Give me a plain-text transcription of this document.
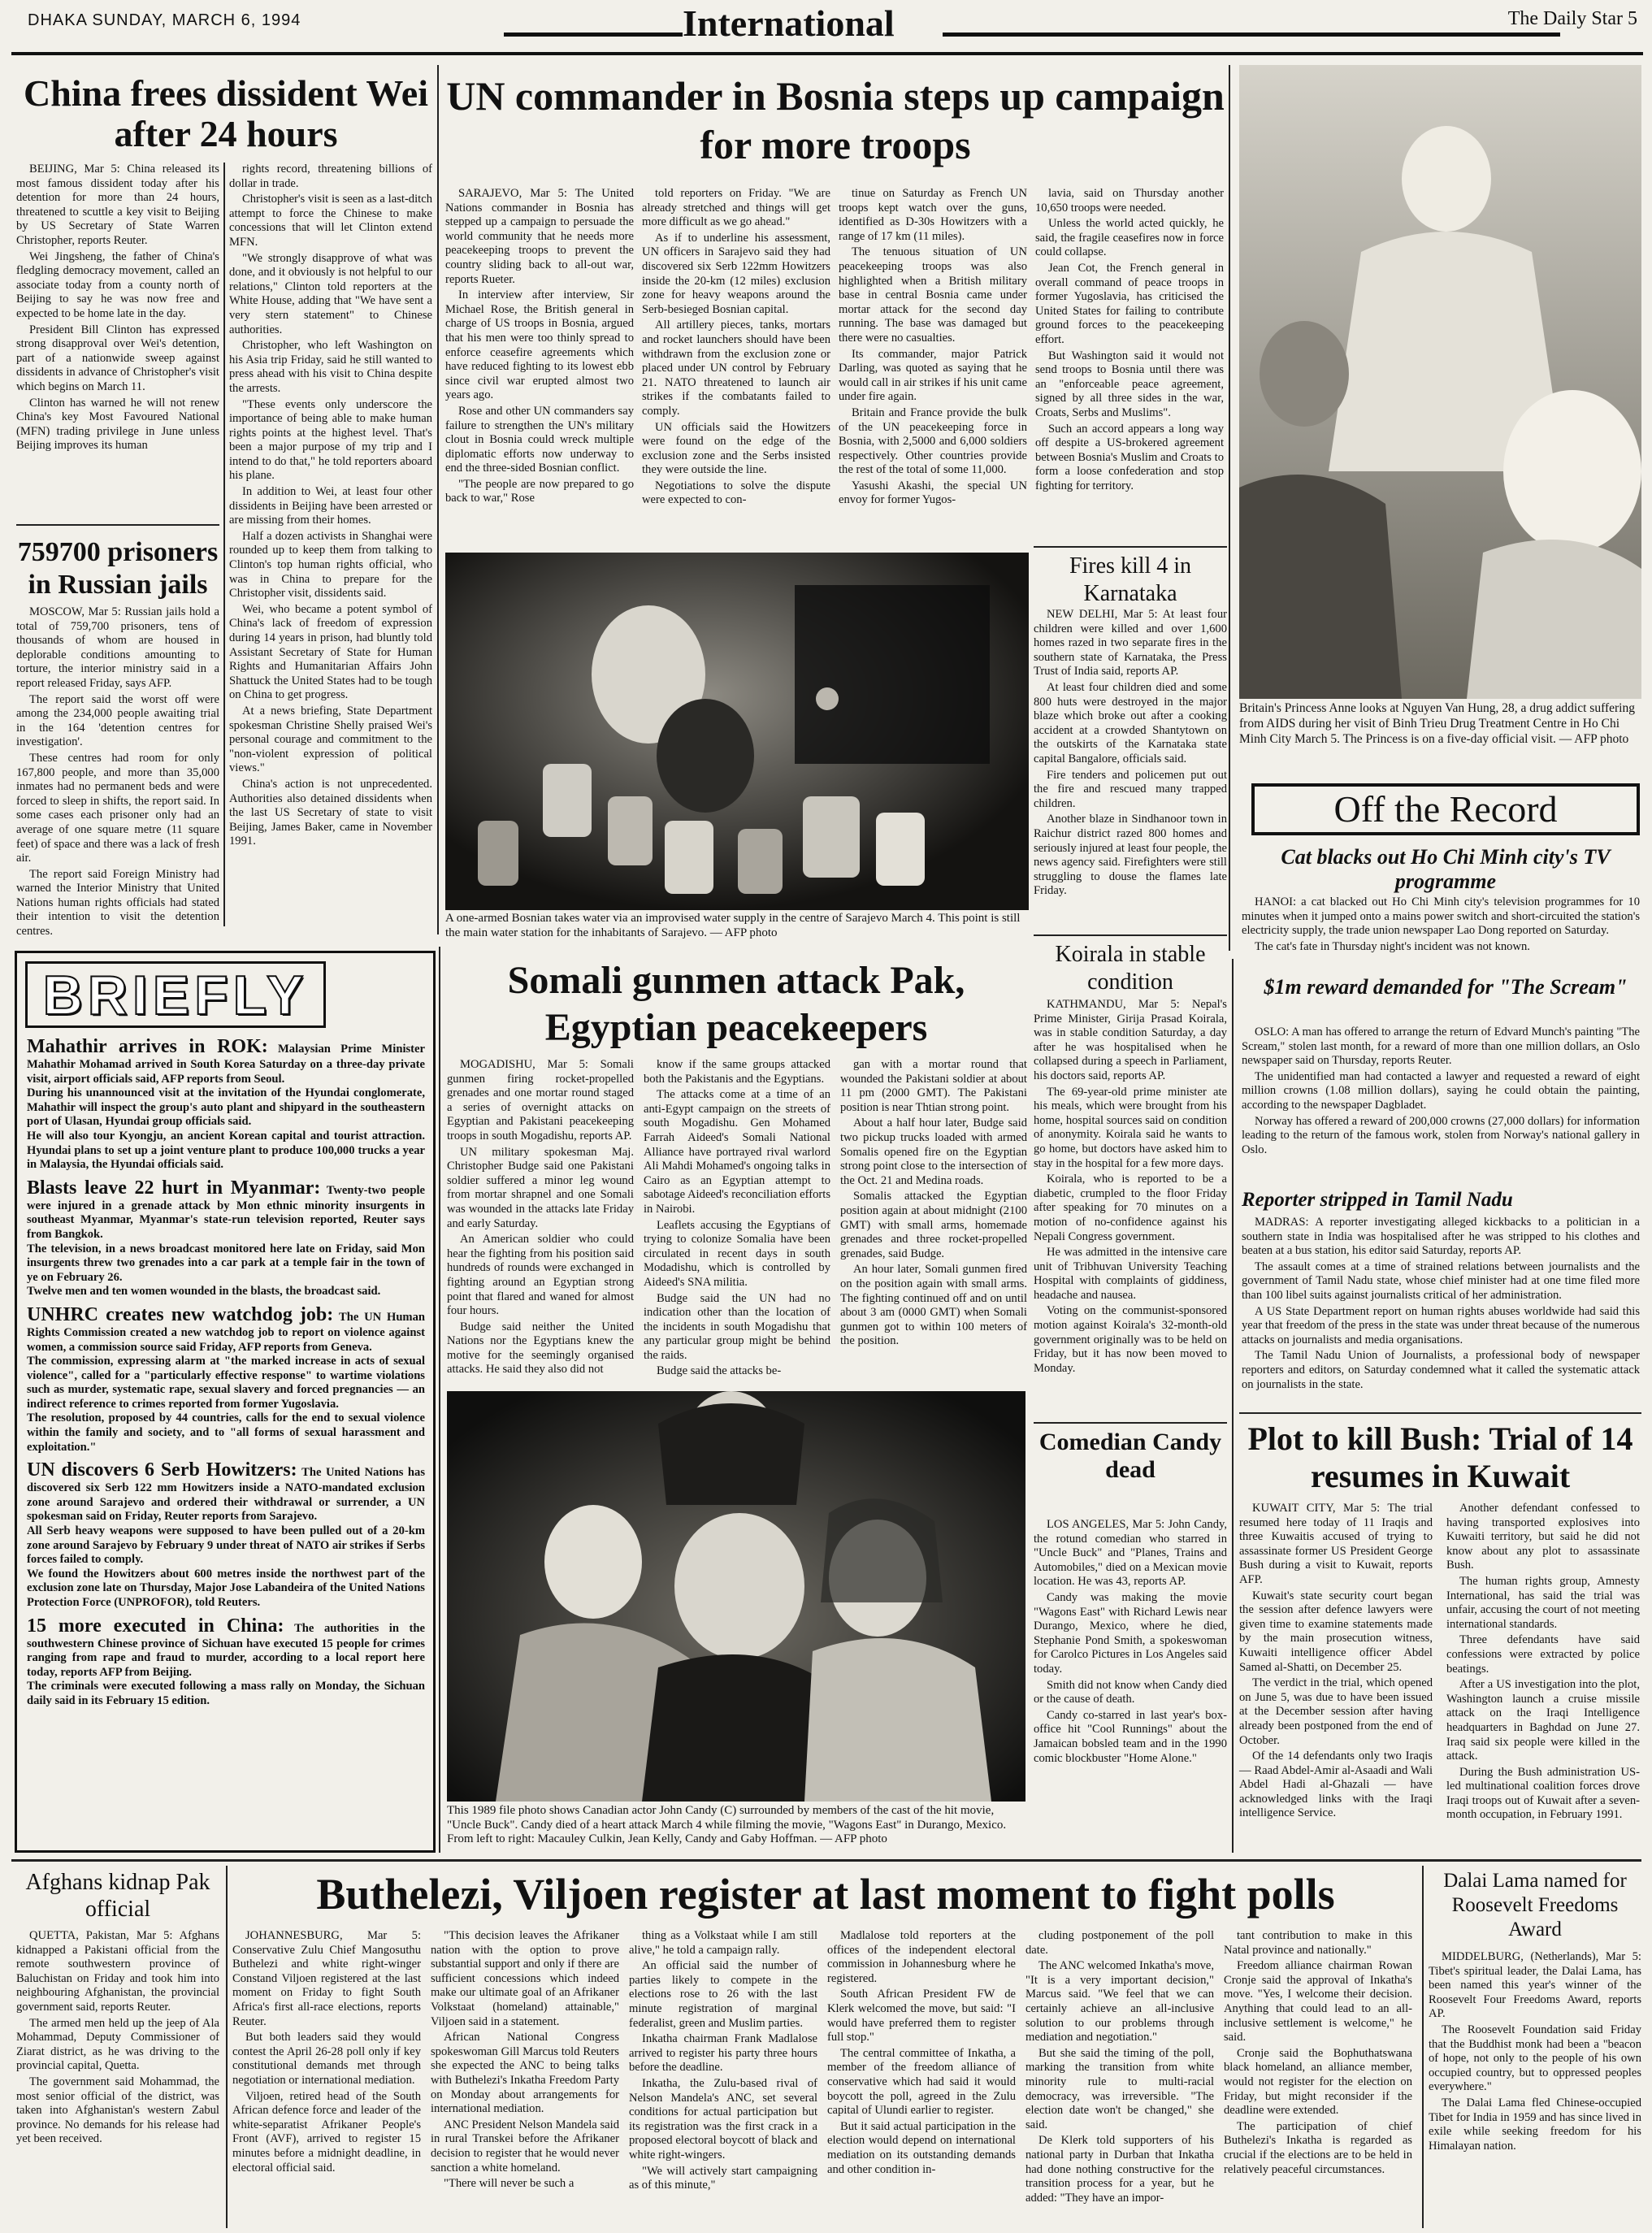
DHAKA SUNDAY, MARCH 6, 1994	International	The Daily Star 5
China frees dissident Wei after 24 hours

BEIJING, Mar 5: China released its most famous dissident today after his detention for more than 24 hours, threatened to scuttle a key visit to Beijing by US Secretary of State Warren Christopher, reports Reuter.

Wei Jingsheng, the father of China's fledgling democracy movement, called an associate today from a county north of Beijing to say he was now free and expected to be home late in the day.

President Bill Clinton has expressed strong disapproval over Wei's detention, part of a nationwide sweep against dissidents in advance of Christopher's visit which begins on March 11.

Clinton has warned he will not renew China's key Most Favoured National (MFN) trading privilege in June unless Beijing improves its human

rights record, threatening billions of dollar in trade.

Christopher's visit is seen as a last-ditch attempt to force the Chinese to make concessions that will let Clinton extend MFN.

"We strongly disapprove of what was done, and it obviously is not helpful to our relations," Clinton told reporters at the White House, adding that "We have sent a very stern statement" to Chinese authorities.

Christopher, who left Washington on his Asia trip Friday, said he still wanted to press ahead with his visit to China despite the arrests.

"These events only underscore the importance of being able to make human rights points at the highest level. That's been a major purpose of my trip and I intend to do that," he told reporters aboard his plane.

In addition to Wei, at least four other dissidents in Beijing have been arrested or are missing from their homes.

Half a dozen activists in Shanghai were rounded up to keep them from talking to Clinton's top human rights official, who was in China to prepare for the Christopher visit, dissidents said.

Wei, who became a potent symbol of China's lack of freedom of expression during 14 years in prison, had bluntly told Assistant Secretary of State for Human Rights and Humanitarian Affairs John Shattuck the United States had to be tough on China to get progress.

At a news briefing, State Department spokesman Christine Shelly praised Wei's personal courage and commitment to the "non-violent expression of political views."

China's action is not unprecedented. Authorities also detained dissidents when the last US Secretary of state to visit Beijing, James Baker, came in November 1991.

759700 prisoners in Russian jails

MOSCOW, Mar 5: Russian jails hold a total of 759,700 prisoners, tens of thousands of whom are housed in deplorable conditions amounting to torture, the interior ministry said in a report released Friday, says AFP.

The report said the worst off were among the 234,000 people awaiting trial in the 164 'detention centres for investigation'.

These centres had room for only 167,800 people, and more than 35,000 inmates had no permanent beds and were forced to sleep in shifts, the report said. In some cases each prisoner only had an average of one square metre (11 square feet) of space and there was a lack of fresh air.

The report said Foreign Ministry had warned the Interior Ministry that United Nations human rights officials had stated their intention to visit the detention centres.

UN commander in Bosnia steps up campaign for more troops

SARAJEVO, Mar 5: The United Nations commander in Bosnia has stepped up a campaign to persuade the world community that he needs more peacekeeping troops to prevent the country sliding back to all-out war, reports Rueter.

In interview after interview, Sir Michael Rose, the British general in charge of US troops in Bosnia, argued that his men were too thinly spread to enforce ceasefire agreements which have reduced fighting to its lowest ebb since civil war erupted almost two years ago.

Rose and other UN commanders say failure to strengthen the UN's military clout in Bosnia could wreck multiple diplomatic efforts now underway to end the three-sided Bosnian conflict.

"The people are now prepared to go back to war," Rose

told reporters on Friday. "We are already stretched and things will get more difficult as we go ahead."

As if to underline his assessment, UN officers in Sarajevo said they had discovered six Serb 122mm Howitzers inside the 20-km (12 miles) exclusion zone for heavy weapons around the Serb-besieged Bosnian capital.

All artillery pieces, tanks, mortars and rocket launchers should have been withdrawn from the exclusion zone or placed under UN control by February 21. NATO threatened to launch air strikes if the combatants failed to comply.

UN officials said the Howitzers were found on the edge of the exclusion zone and the Serbs insisted they were outside the line.

Negotiations to solve the dispute were expected to con-

tinue on Saturday as French UN troops kept watch over the guns, identified as D-30s Howitzers with a range of 17 km (11 miles).

The tenuous situation of UN peacekeeping troops was also highlighted when a British military base in central Bosnia came under mortar attack for the second day running. The base was damaged but there were no casualties.

Its commander, major Patrick Darling, was quoted as saying that he would call in air strikes if his unit came under fire again.

Britain and France provide the bulk of the UN peacekeeping force in Bosnia, with 2,5000 and 6,000 soldiers respectively. Other countries provide the rest of the total of some 11,000.

Yasushi Akashi, the special UN envoy for former Yugos-

lavia, said on Thursday another 10,650 troops were needed.

Unless the world acted quickly, he said, the fragile ceasefires now in force could collapse.

Jean Cot, the French general in overall command of peace troops in former Yugoslavia, has criticised the United States for failing to contribute ground forces to the peacekeeping effort.

But Washington said it would not send troops to Bosnia until there was an "enforceable peace agreement, signed by all three sides in the war, Croats, Serbs and Muslims".

Such an accord appears a long way off despite a US-brokered agreement between Bosnia's Muslim and Croats to form a loose confederation and stop fighting for territory.

A one-armed Bosnian takes water via an improvised water supply in the centre of Sarajevo March 4. This point is still the main water station for the inhabitants of Sarajevo. — AFP photo
Britain's Princess Anne looks at Nguyen Van Hung, 28, a drug addict suffering from AIDS during her visit of Binh Trieu Drug Treatment Centre in Ho Chi Minh City March 5. The Princess is on a five-day official visit. — AFP photo
Fires kill 4 in Karnataka

NEW DELHI, Mar 5: At least four children were killed and over 1,600 homes razed in two separate fires in the southern state of Karnataka, the Press Trust of India said, reports AP.

At least four children died and some 800 huts were destroyed in the major blaze which broke out after a cooking accident at a crowded Shantytown on the outskirts of the Karnataka state capital Bangalore, officials said.

Fire tenders and policemen put out the fire and rescued many trapped children.

Another blaze in Sindhanoor town in Raichur district razed 800 homes and seriously injured at least four people, the news agency said. Firefighters were still struggling to douse the flames late Friday.

Koirala in stable condition

KATHMANDU, Mar 5: Nepal's Prime Minister, Girija Prasad Koirala, was in stable condition Saturday, a day after he was hospitalised when he collapsed during a speech in Parliament, his doctors said, reports AP.

The 69-year-old prime minister ate his meals, which were brought from his home, hospital sources said on condition of anonymity. Koirala said he wants to go home, but doctors have asked him to stay in the hospital for a few more days.

Koirala, who is reported to be a diabetic, crumpled to the floor Friday after speaking for 70 minutes on a motion of no-confidence against his Nepali Congress government.

He was admitted in the intensive care unit of Tribhuvan University Teaching Hospital with complaints of giddiness, headache and nausea.

Voting on the communist-sponsored motion against Koirala's 32-month-old government originally was to be held on Friday, but it has now been moved to Monday.

Off the Record
Cat blacks out Ho Chi Minh city's TV programme

HANOI: a cat blacked out Ho Chi Minh city's television programmes for 10 minutes when it jumped onto a mains power switch and short-circuited the station's electricity supply, the trade union newspaper Lao Dong reported on Saturday.

The cat's fate in Thursday night's incident was not known.

$1m reward demanded for "The Scream"

OSLO: A man has offered to arrange the return of Edvard Munch's painting "The Scream," stolen last month, for a reward of more than one million dollars, an Oslo newspaper said on Thursday, reports Reuter.

The unidentified man had contacted a lawyer and requested a reward of eight million crowns (1.08 million dollars), saying he could obtain the painting, according to the newspaper Dagbladet.

Norway has offered a reward of 200,000 crowns (27,000 dollars) for information leading to the return of the famous work, stolen from Norway's national gallery in Oslo.

Reporter stripped in Tamil Nadu

MADRAS: A reporter investigating alleged kickbacks to a politician in a southern state in India was hospitalised after he was stripped to his clothes and beaten at a bus station, his editor said Saturday, reports AP.

The assault comes at a time of strained relations between journalists and the government of Tamil Nadu state, whose chief minister had at one time filed more than 100 libel suits against journalists critical of her administration.

A US State Department report on human rights abuses worldwide had said this year that freedom of the press in the state was under threat because of the numerous attacks on journalists and media organisations.

The Tamil Nadu Union of Journalists, a professional body of newspaper reporters and editors, on Saturday condemned what it called the systematic attack on journalists in the state.

BRIEFLY
Mahathir arrives in ROK: Malaysian Prime Minister Mahathir Mohamad arrived in South Korea Saturday on a three-day private visit, airport officials said, AFP reports from Seoul.
During his unannounced visit at the invitation of the Hyundai conglomerate, Mahathir will inspect the group's auto plant and shipyard in the southeastern port of Ulasan, Hyundai group officials said.
He will also tour Kyongju, an ancient Korean capital and tourist attraction. Hyundai plans to set up a joint venture plant to produce 100,000 trucks a year in Malaysia, the Hyundai officials said.
Blasts leave 22 hurt in Myanmar: Twenty-two people were injured in a grenade attack by Mon ethnic minority insurgents in southeast Myanmar, Myanmar's state-run television reported, Reuter says from Bangkok.
The television, in a news broadcast monitored here late on Friday, said Mon insurgents threw two grenades into a car park at a temple fair in the town of ye on February 26.
Twelve men and ten women wounded in the blasts, the broadcast said.
UNHRC creates new watchdog job: The UN Human Rights Commission created a new watchdog job to report on violence against women, a commission source said Friday, AFP reports from Geneva.
The commission, expressing alarm at "the marked increase in acts of sexual violence", called for a "particularly effective response" to wartime violations such as murder, systematic rape, sexual slavery and forced pregnancies — an indirect reference to crimes reported from former Yugoslavia.
The resolution, proposed by 44 countries, calls for the end to sexual violence within the family and society, and to "all forms of sexual harassment and exploitation."
UN discovers 6 Serb Howitzers: The United Nations has discovered six Serb 122 mm Howitzers inside a NATO-mandated exclusion zone around Sarajevo and ordered their withdrawal or surrender, a UN spokesman said on Friday, Reuter reports from Sarajevo.
All Serb heavy weapons were supposed to have been pulled out of a 20-km zone around Sarajevo by February 9 under threat of NATO air strikes if Serbs forces failed to comply.
We found the Howitzers about 600 metres inside the northwest part of the exclusion zone late on Thursday, Major Jose Labandeira of the United Nations Protection Force (UNPROFOR), told Reuters.
15 more executed in China: The authorities in the southwestern Chinese province of Sichuan have executed 15 people for crimes ranging from rape and fraud to murder, according to a local report here today, reports AFP from Beijing.
The criminals were executed following a mass rally on Monday, the Sichuan daily said in its February 15 edition.
Somali gunmen attack Pak, Egyptian peacekeepers

MOGADISHU, Mar 5: Somali gunmen firing rocket-propelled grenades and one mortar round staged a series of overnight attacks on Egyptian and Pakistani peacekeeping troops in south Mogadishu, reports AP.

UN military spokesman Maj. Christopher Budge said one Pakistani soldier suffered a minor leg wound from mortar shrapnel and one Somali was wounded in the attacks late Friday and early Saturday.

An American soldier who could hear the fighting from his position said hundreds of rounds were exchanged in fighting around an Egyptian strong point that flared and waned for almost four hours.

Budge said neither the United Nations nor the Egyptians knew the motive for the seemingly organised attacks. He said they also did not

know if the same groups attacked both the Pakistanis and the Egyptians.

The attacks come at a time of an anti-Egypt campaign on the streets of south Mogadishu. Gen Mohamed Farrah Aideed's Somali National Alliance have portrayed rival warlord Ali Mahdi Mohamed's ongoing talks in Cairo as an Egyptian attempt to sabotage Aideed's reconciliation efforts in Nairobi.

Leaflets accusing the Egyptians of trying to colonize Somalia have been circulated in recent days in south Modadishu, which is controlled by Aideed's SNA militia.

Budge said the UN had no indication other than the location of the incidents in south Mogadishu that any particular group might be behind the raids.

Budge said the attacks be-

gan with a mortar round that wounded the Pakistani soldier at about 11 pm (2000 GMT). The Pakistani position is near Thtian strong point.

About a half hour later, Budge said two pickup trucks loaded with armed Somalis opened fire on the Egyptian strong point close to the intersection of the Oct. 21 and Medina roads.

Somalis attacked the Egyptian position again at about midnight (2100 GMT) with small arms, homemade grenades and three rocket-propelled grenades, said Budge.

An hour later, Somali gunmen fired on the position again with small arms. The fighting continued off and on until about 3 am (0000 GMT) when Somali gunmen got to within 100 meters of the position.

This 1989 file photo shows Canadian actor John Candy (C) surrounded by members of the cast of the hit movie, "Uncle Buck". Candy died of a heart attack March 4 while filming the movie, "Wagons East" in Durango, Mexico. From left to right: Macauley Culkin, Jean Kelly, Candy and Gaby Hoffman. — AFP photo
Comedian Candy dead

LOS ANGELES, Mar 5: John Candy, the rotund comedian who starred in "Uncle Buck" and "Planes, Trains and Automobiles," died on a Mexican movie location. He was 43, reports AP.

Candy was making the movie "Wagons East" with Richard Lewis near Durango, Mexico, where he died, Stephanie Pond Smith, a spokeswoman for Carolco Pictures in Los Angeles said today.

Smith did not know when Candy died or the cause of death.

Candy co-starred in last year's box-office hit "Cool Runnings" about the Jamaican bobsled team and in the 1990 comic blockbuster "Home Alone."

Plot to kill Bush: Trial of 14 resumes in Kuwait

KUWAIT CITY, Mar 5: The trial resumed here today of 11 Iraqis and three Kuwaitis accused of trying to assassinate former US President George Bush during a visit to Kuwait, reports AFP.

Kuwait's state security court began the session after defence lawyers were given time to examine statements made by the main prosecution witness, Kuwaiti intelligence officer Abdel Samed al-Shatti, on December 25.

The verdict in the trial, which opened on June 5, was due to have been issued at the December session after having already been postponed from the end of October.

Of the 14 defendants only two Iraqis — Raad Abdel-Amir al-Asaadi and Wali Abdel Hadi al-Ghazali — have acknowledged links with the Iraqi intelligence Service.

Another defendant confessed to having transported explosives into Kuwaiti territory, but said he did not know about any plot to assassinate Bush.

The human rights group, Amnesty International, has said the trial was unfair, accusing the court of not meeting international standards.

Three defendants have said confessions were extracted by police beatings.

After a US investigation into the plot, Washington launch a cruise missile attack on the Iraqi Intelligence headquarters in Baghdad on June 27. Iraq said six people were killed in the attack.

During the Bush administration US-led multinational coalition forces drove Iraqi troops out of Kuwait after a seven-month occupation, in February 1991.

Afghans kidnap Pak official

QUETTA, Pakistan, Mar 5: Afghans kidnapped a Pakistani official from the remote southwestern province of Baluchistan on Friday and took him into neighbouring Afghanistan, the provincial government said, reports Reuter.

The armed men held up the jeep of Ala Mohammad, Deputy Commissioner of Ziarat district, as he was driving to the provincial capital, Quetta.

The government said Mohammad, the most senior official of the district, was taken into Afghanistan's western Zabul province. No demands for his release had yet been received.

Buthelezi, Viljoen register at last moment to fight polls

JOHANNESBURG, Mar 5: Conservative Zulu Chief Mangosuthu Buthelezi and white right-winger Constand Viljoen registered at the last moment on Friday to fight South Africa's first all-race elections, reports Reuter.

But both leaders said they would contest the April 26-28 poll only if key constitutional demands met through negotiation or international mediation.

Viljoen, retired head of the South African defence force and leader of the white-separatist Afrikaner People's Front (AVF), arrived to register 15 minutes before a midnight deadline, in electoral official said.

"This decision leaves the Afrikaner nation with the option to prove substantial support and only if there are sufficient concessions which indeed make our ultimate goal of an Afrikaner Volkstaat (homeland) attainable," Viljoen said in a statement.

African National Congress spokeswoman Gill Marcus told Reuters she expected the ANC to being talks with Buthelezi's Inkatha Freedom Party on Monday about arrangements for international mediation.

ANC President Nelson Mandela said in rural Transkei before the Afrikaner decision to register that he would never sanction a white homeland.

"There will never be such a

thing as a Volkstaat while I am still alive," he told a campaign rally.

An official said the number of parties likely to compete in the elections rose to 26 with the last minute registration of marginal federalist, green and Muslim parties.

Inkatha chairman Frank Madlalose arrived to register his party three hours before the deadline.

Inkatha, the Zulu-based rival of Nelson Mandela's ANC, set several conditions for actual participation but its registration was the first crack in a proposed electoral boycott of black and white right-wingers.

"We will actively start campaigning as of this minute,"

Madlalose told reporters at the offices of the independent electoral commission in Johannesburg where he registered.

South African President FW de Klerk welcomed the move, but said: "I would have preferred them to register full stop."

The central committee of Inkatha, a member of the freedom alliance of conservative which had said it would boycott the poll, agreed in the Zulu capital of Ulundi earlier to register.

But it said actual participation in the election would depend on international mediation on its outstanding demands and other condition in-

cluding postponement of the poll date.

The ANC welcomed Inkatha's move, "It is a very important decision," Marcus said. "We feel that we can certainly achieve an all-inclusive solution to our problems through mediation and negotiation."

But she said the timing of the poll, marking the transition from white minority rule to multi-racial democracy, was irreversible. "The election date won't be changed," she said.

De Klerk told supporters of his national party in Durban that Inkatha had done nothing constructive for the transition process for a year, but he added: "They have an impor-

tant contribution to make in this Natal province and nationally."

Freedom alliance chairman Rowan Cronje said the approval of Inkatha's move. "Yes, I welcome their decision. Anything that could lead to an all-inclusive settlement is welcome," he said.

Cronje said the Bophuthatswana black homeland, an alliance member, would not register for the election on Friday, but might reconsider if the deadline were extended.

The participation of chief Buthelezi's Inkatha is regarded as crucial if the elections are to be held in relatively peaceful circumstances.

Dalai Lama named for Roosevelt Freedoms Award

MIDDELBURG, (Netherlands), Mar 5: Tibet's spiritual leader, the Dalai Lama, has been named this year's winner of the Roosevelt Four Freedoms Award, reports AP.

The Roosevelt Foundation said Friday that the Buddhist monk had been a "beacon of hope, not only to the people of his own occupied country, but to oppressed peoples everywhere."

The Dalai Lama fled Chinese-occupied Tibet for India in 1959 and has since lived in exile while seeking freedom for his Himalayan nation.
